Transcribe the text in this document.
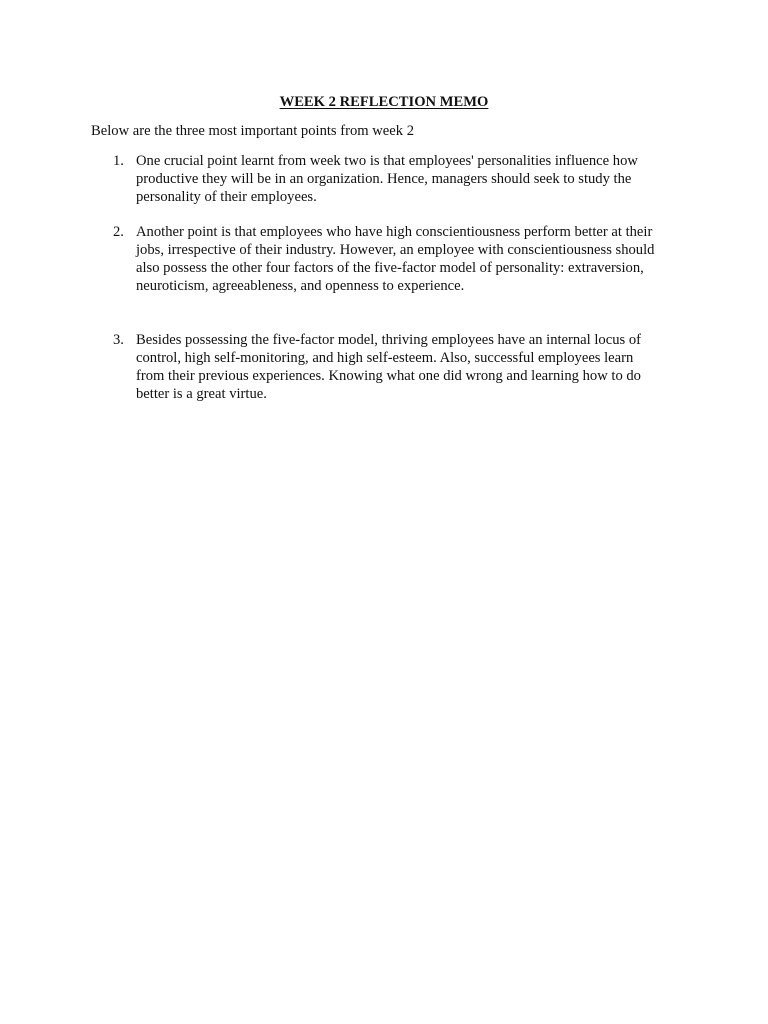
WEEK 2 REFLECTION MEMO
Below are the three most important points from week 2
1. One crucial point learnt from week two is that employees' personalities influence how
productive they will be in an organization. Hence, managers should seek to study the
personality of their employees.
2. Another point is that employees who have high conscientiousness perform better at their
jobs, irrespective of their industry. However, an employee with conscientiousness should
also possess the other four factors of the five-factor model of personality: extraversion,
neuroticism, agreeableness, and openness to experience.
3. Besides possessing the five-factor model, thriving employees have an internal locus of
control, high self-monitoring, and high self-esteem. Also, successful employees learn
from their previous experiences. Knowing what one did wrong and learning how to do
better is a great virtue.
